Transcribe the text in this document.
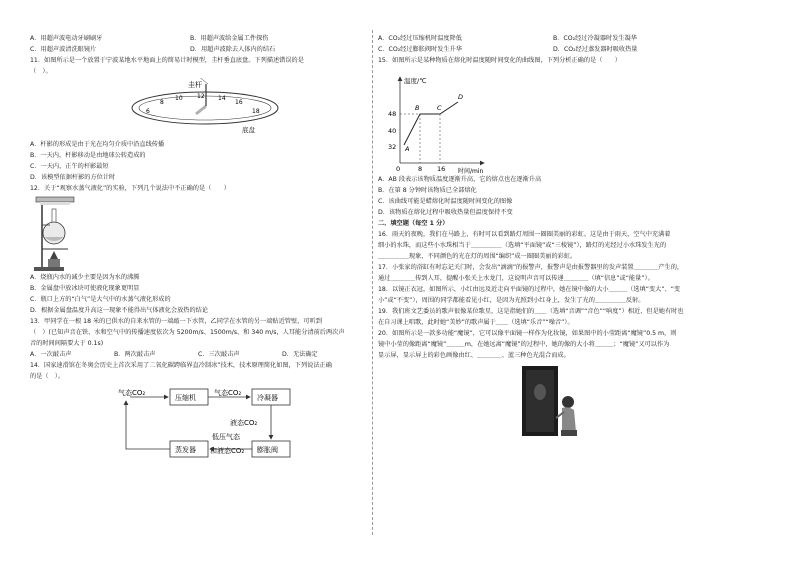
A．用超声波电动牙刷刷牙	B．用超声波给金属工件探伤
C．用超声波清洗眼镜片	D．用超声波除去人体内的结石
11．如图所示是一个放置于宁波某地水平地面上的简易计时模型，圭杆垂直底盘。下列描述错误的是
（　）。
圭杆
底盘
6
8
10 12 14
16
18
A．杆影的形成是由于光在均匀介质中沿直线传播
B．一天内，杆影移动是由地球公转造成的
C．一天内，正午的杆影最短
D．该模型依据杆影的方位计时
12．关于“观察水蒸气液化”的实验，下列几个说法中不正确的是（　　）
A．烧瓶内水的减少主要是因为水的沸腾
B．金属盘中放冰块可使液化现象更明显
C．瓶口上方的“白气”是大气中的水蒸气液化形成的
D．根据金属盘温度升高这一现象不能得出气体液化会放热的结论
13．甲同学在一根 18 米的已供水的自来水管的一端敲一下水管，乙同学在水管的另一端贴近管壁，可听到
（　）(已知声音在铁、水和空气中的传播速度依次为 5200m/s、1500m/s、和 340 m/s，人耳能分清前后两次声
音的时间间隔要大于 0.1s)
A．一次敲击声	B．两次敲击声	C．三次敲击声	D．无法确定
14．国家速滑馆在冬奥会历史上首次采用了二氧化碳跨临界直冷制冰”技术，技术原理简化如图，下列说法正确
的是（　）。
气态CO₂
压缩机
气态CO₂
冷凝器
液态CO₂
膨胀阀
低压气态
和液态CO₂
蒸发器
A．CO₂经过压缩机时温度降低	B．CO₂经过冷凝器时发生凝华
C．CO₂经过膨胀阀时发生升华	D．CO₂经过蒸发器时吸收热量
15．如图所示是某种物质在熔化时温度随时间变化的曲线图，下列分析正确的是（　　）
温度/℃
时间/min
48
40
32
0	8 16
A
B	C
D
A．AB 段表示该物质温度逐渐升高，它的熔点也在逐渐升高
B．在第 8 分钟时该物质已全部熔化
C．该曲线可能是蜡熔化时温度随时间变化的图像
D．该物质在熔化过程中吸收热量但温度保持不变
二、填空题（每空 1 分）
16．雨天的夜晚，我们在马路上，有时可以看到路灯周围一圈圈美丽的彩虹。这是由于雨天，空气中充满着
细小的水珠，而这些小水珠相当于＿＿＿＿＿（选填“平面镜”或“三棱镜”），路灯的光经过小水珠发生光的
＿＿＿＿＿现象，不同颜色的光在灯的周围“编织”成一圈圈美丽的彩虹。
17．小张家的浴缸有时忘记关门时，会发出“滴滴”的报警声，报警声是由报警器里的发声装置＿＿＿＿产生的，
通过＿＿＿＿传到人耳，提醒小张关上水龙门，这说明声音可以传递＿＿＿＿（填“信息”或“能量”）。
18．以镜正衣冠，如图所示，小红由远及近走向平面镜的过程中，她在镜中像的大小＿＿＿（选填“变大”、“变
小”或“不变”），周围的同学都能看见小红，是因为光照到小红身上，发生了光的＿＿＿＿＿反射。
19．我们班文艺委员的歌声很像某位歌星，这是指她们的＿＿（选填“音调”“音色”“响度”）相近，但是她有时也
在自习课上唱歌，此时她“美妙”的歌声属于＿＿（选填“乐音”“噪音”）。
20．如图所示是一款多功能“魔镜”，它可以像平面镜一样作为化妆镜，如果图中的小莹距离“魔镜”0.5 m，则
镜中小莹的像距离“魔镜”＿＿＿m，在她远离“魔镜”的过程中，她的像的大小将＿＿＿；“魔镜”又可以作为
显示屏，显示屏上的彩色画像由红、＿＿＿＿、蓝三种色光混合而成。
